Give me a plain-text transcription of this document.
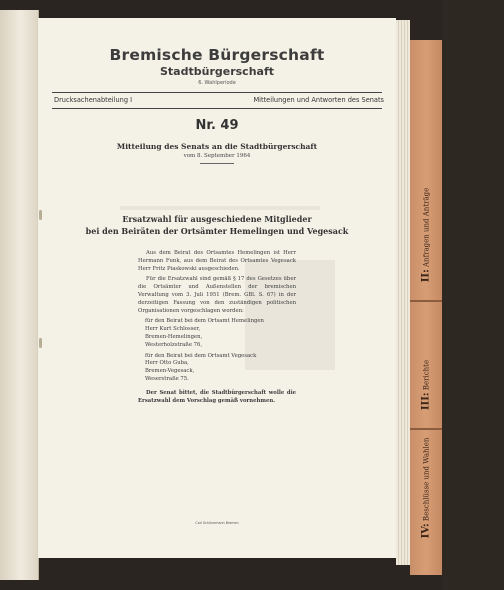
II: Anfragen und Anträge
III: Berichte
IV: Beschlüsse und Wahlen
Bremische Bürgerschaft
Stadtbürgerschaft
6. Wahlperiode
Drucksachenabteilung I	Mitteilungen und Antworten des Senats
Nr. 49
Mitteilung des Senats an die Stadtbürgerschaft
vom 8. September 1964
Ersatzwahl für ausgeschiedene Mitglieder
bei den Beiräten der Ortsämter Hemelingen und Vegesack

Aus dem Beirat des Ortsamtes Hemelingen ist Herr Hermann Funk, aus dem Beirat des Ortsamtes Vegesack Herr Fritz Piaskowski ausgeschieden.

Für die Ersatzwahl sind gemäß § 17 des Gesetzes über die Ortsämter und Außenstellen der bremischen Verwaltung vom 3. Juli 1951 (Brem. GBl. S. 67) in der derzeitigen Fassung von den zuständigen politischen Organisationen vorgeschlagen worden:

für den Beirat bei dem Ortsamt Hemelingen
Herr Kurt Schlosser,
Bremen-Hemelingen,
Westerholzstraße 76,
für den Beirat bei dem Ortsamt Vegesack
Herr Otto Guba,
Bremen-Vegesack,
Weserstraße 75.
Der Senat bittet, die Stadtbürgerschaft wolle die Ersatzwahl dem Vorschlag gemäß vornehmen.
Carl Schünemann Bremen
